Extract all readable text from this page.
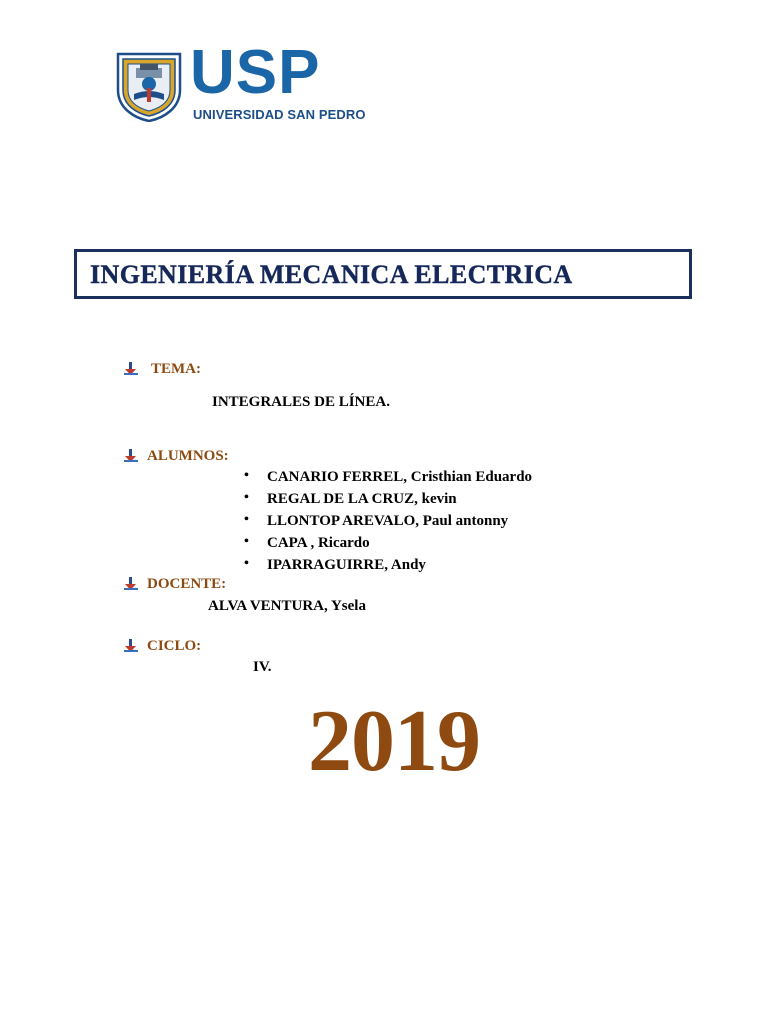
USP
UNIVERSIDAD SAN PEDRO
INGENIERÍA MECANICA ELECTRICA
TEMA:
INTEGRALES DE LÍNEA.
ALUMNOS:
• CANARIO FERREL, Cristhian Eduardo
• REGAL DE LA CRUZ, kevin
• LLONTOP AREVALO, Paul antonny
• CAPA , Ricardo
• IPARRAGUIRRE, Andy
DOCENTE:
ALVA VENTURA, Ysela
CICLO:
IV.
2019
